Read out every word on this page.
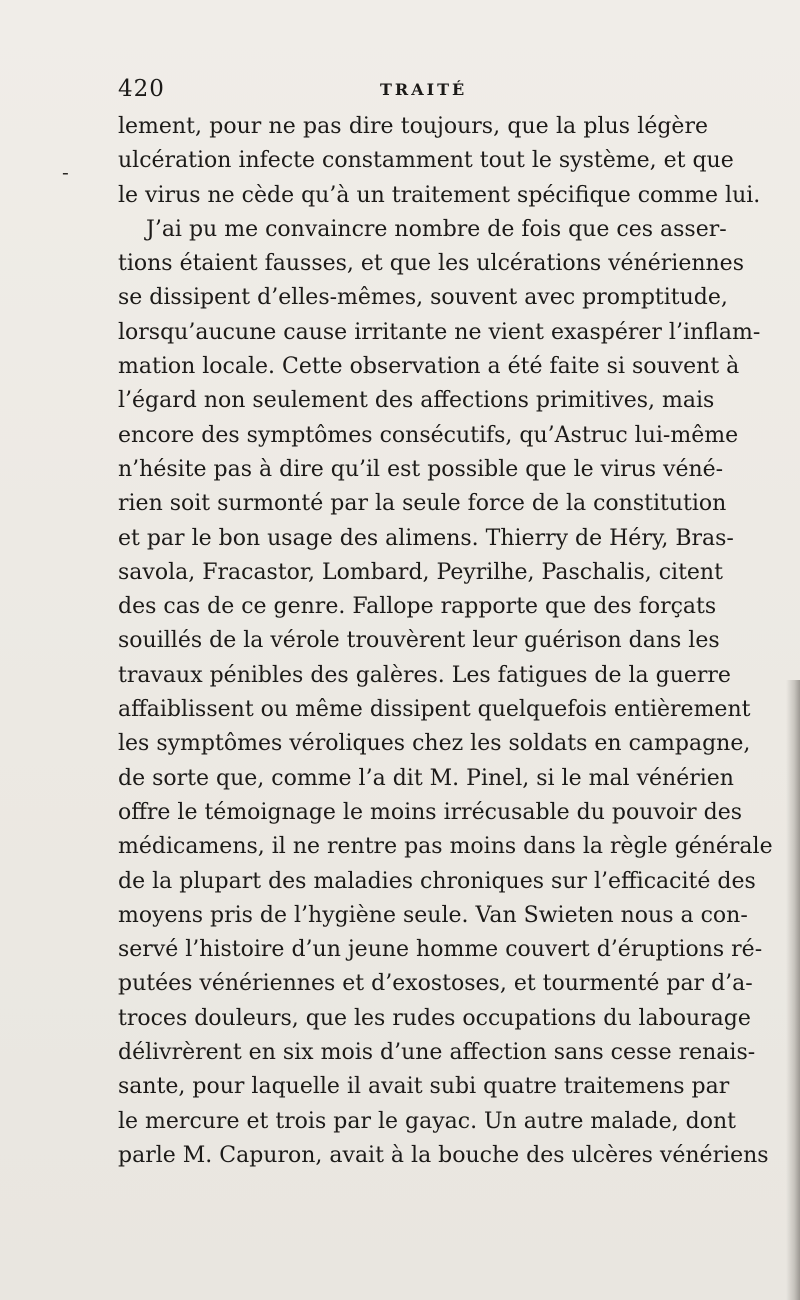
420	TRAITÉ
-
lement, pour ne pas dire toujours, que la plus légère
ulcération infecte constamment tout le système, et que
le virus ne cède qu’à un traitement spécifique comme lui.
J’ai pu me convaincre nombre de fois que ces asser-
tions étaient fausses, et que les ulcérations vénériennes
se dissipent d’elles-mêmes, souvent avec promptitude,
lorsqu’aucune cause irritante ne vient exaspérer l’inflam-
mation locale. Cette observation a été faite si souvent à
l’égard non seulement des affections primitives, mais
encore des symptômes consécutifs, qu’Astruc lui-même
n’hésite pas à dire qu’il est possible que le virus véné-
rien soit surmonté par la seule force de la constitution
et par le bon usage des alimens. Thierry de Héry, Bras-
savola, Fracastor, Lombard, Peyrilhe, Paschalis, citent
des cas de ce genre. Fallope rapporte que des forçats
souillés de la vérole trouvèrent leur guérison dans les
travaux pénibles des galères. Les fatigues de la guerre
affaiblissent ou même dissipent quelquefois entièrement
les symptômes véroliques chez les soldats en campagne,
de sorte que, comme l’a dit M. Pinel, si le mal vénérien
offre le témoignage le moins irrécusable du pouvoir des
médicamens, il ne rentre pas moins dans la règle générale
de la plupart des maladies chroniques sur l’efficacité des
moyens pris de l’hygiène seule. Van Swieten nous a con-
servé l’histoire d’un jeune homme couvert d’éruptions ré-
putées vénériennes et d’exostoses, et tourmenté par d’a-
troces douleurs, que les rudes occupations du labourage
délivrèrent en six mois d’une affection sans cesse renais-
sante, pour laquelle il avait subi quatre traitemens par
le mercure et trois par le gayac. Un autre malade, dont
parle M. Capuron, avait à la bouche des ulcères vénériens
